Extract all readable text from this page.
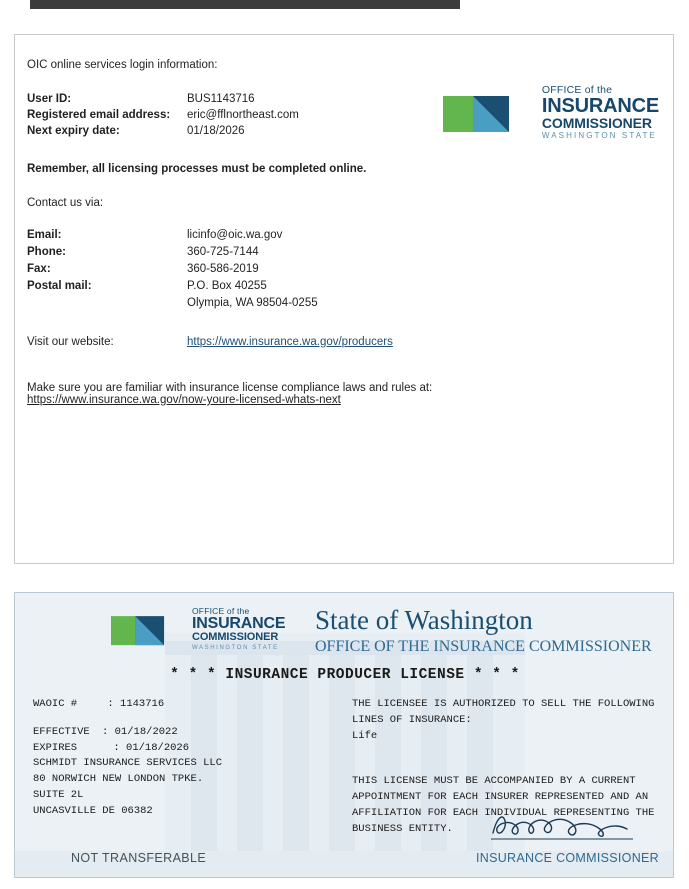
OFFICE of the
INSURANCE
COMMISSIONER
WASHINGTON STATE
OIC online services login information:
User ID:	BUS1143716
Registered email address:	eric@fflnortheast.com
Next expiry date:	01/18/2026
Remember, all licensing processes must be completed online.
Contact us via:
Email:	licinfo@oic.wa.gov
Phone:	360-725-7144
Fax:	360-586-2019
Postal mail:	P.O. Box 40255
	Olympia, WA 98504-0255
Visit our website:	https://www.insurance.wa.gov/producers
Make sure you are familiar with insurance license compliance laws and rules at:
https://www.insurance.wa.gov/now-youre-licensed-whats-next
OFFICE of the
INSURANCE
COMMISSIONER
WASHINGTON STATE
State of Washington
OFFICE OF THE INSURANCE COMMISSIONER
* * * INSURANCE PRODUCER LICENSE * * *
WAOIC #	: 1143716
EFFECTIVE : 01/18/2022
EXPIRES	: 01/18/2026
SCHMIDT INSURANCE SERVICES LLC
80 NORWICH NEW LONDON TPKE.
SUITE 2L
UNCASVILLE DE 06382
THE LICENSEE IS AUTHORIZED TO SELL THE FOLLOWING
LINES OF INSURANCE:
Life
THIS LICENSE MUST BE ACCOMPANIED BY A CURRENT
APPOINTMENT FOR EACH INSURER REPRESENTED AND AN
AFFILIATION FOR EACH INDIVIDUAL REPRESENTING THE
BUSINESS ENTITY.
NOT TRANSFERABLE	INSURANCE COMMISSIONER
